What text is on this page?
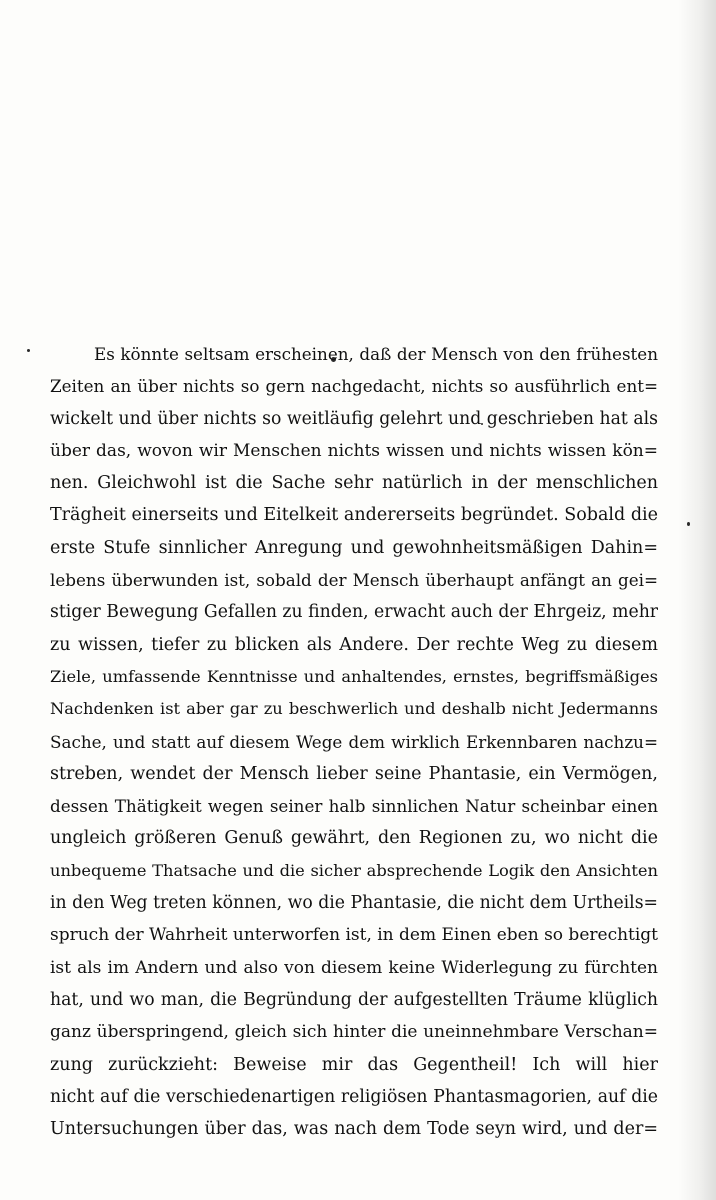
Es könnte seltsam erscheinen, daß der Mensch von den frühesten
Zeiten an über nichts so gern nachgedacht, nichts so ausführlich ent=
wickelt und über nichts so weitläufig gelehrt und geschrieben hat als
über das, wovon wir Menschen nichts wissen und nichts wissen kön=
nen. Gleichwohl ist die Sache sehr natürlich in der menschlichen
Trägheit einerseits und Eitelkeit andererseits begründet. Sobald die
erste Stufe sinnlicher Anregung und gewohnheitsmäßigen Dahin=
lebens überwunden ist, sobald der Mensch überhaupt anfängt an gei=
stiger Bewegung Gefallen zu finden, erwacht auch der Ehrgeiz, mehr
zu wissen, tiefer zu blicken als Andere. Der rechte Weg zu diesem
Ziele, umfassende Kenntnisse und anhaltendes, ernstes, begriffsmäßiges
Nachdenken ist aber gar zu beschwerlich und deshalb nicht Jedermanns
Sache, und statt auf diesem Wege dem wirklich Erkennbaren nachzu=
streben, wendet der Mensch lieber seine Phantasie, ein Vermögen,
dessen Thätigkeit wegen seiner halb sinnlichen Natur scheinbar einen
ungleich größeren Genuß gewährt, den Regionen zu, wo nicht die
unbequeme Thatsache und die sicher absprechende Logik den Ansichten
in den Weg treten können, wo die Phantasie, die nicht dem Urtheils=
spruch der Wahrheit unterworfen ist, in dem Einen eben so berechtigt
ist als im Andern und also von diesem keine Widerlegung zu fürchten
hat, und wo man, die Begründung der aufgestellten Träume klüglich
ganz überspringend, gleich sich hinter die uneinnehmbare Verschan=
zung zurückzieht: Beweise mir das Gegentheil! Ich will hier
nicht auf die verschiedenartigen religiösen Phantasmagorien, auf die
Untersuchungen über das, was nach dem Tode seyn wird, und der=
